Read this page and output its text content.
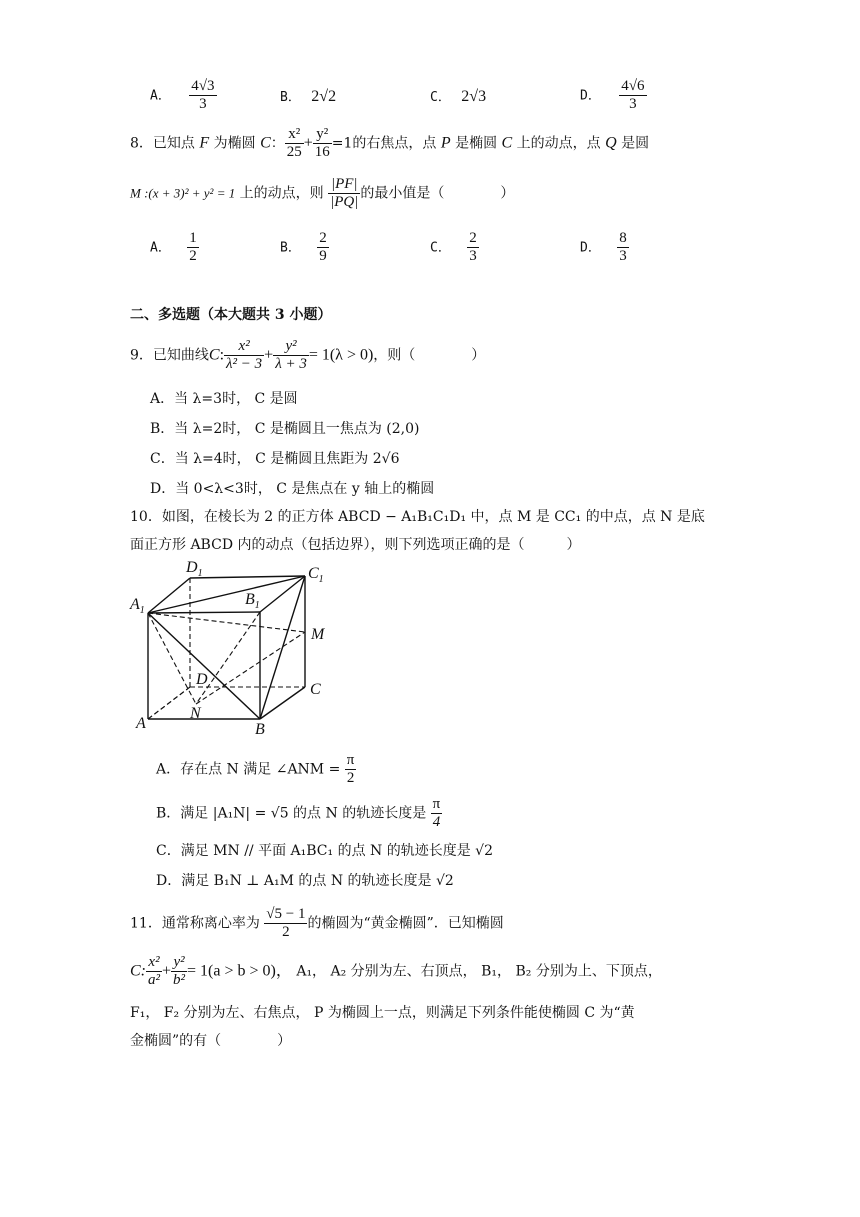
A． $\frac{4√3}{3}$	B． 2√2	C． 2√3	D． $\frac{4√6}{3}$
8．已知点 F 为椭圆 C： $\frac{\text{x²}}{25} + \frac{\text{y²}}{16} =1$的右焦点，点 P 是椭圆 C 上的动点，点 Q 是圆
M :(x + 3)² + y² = 1 上的动点，则 $\frac{|PF|}{|PQ|}$ 的最小值是（　　　　）
A． $\frac{1}{2}$	B． $\frac{2}{9}$	C． $\frac{2}{3}$	D． $\frac{8}{3}$
二、多选题（本大题共 3 小题）
9．已知曲线C: $\frac{\text{x²}}{\text{λ² − 3}} + \frac{\text{y²}}{\lambda + 3} = 1(\lambda > 0)$，则（　　　　）
A．当 λ=3时， C 是圆
B．当 λ=2时， C 是椭圆且一焦点为 (2,0)
C．当 λ=4时， C 是椭圆且焦距为 2√6
D．当 0<λ<3时， C 是焦点在 y 轴上的椭圆
10．如图，在棱长为 2 的正方体 ABCD − A₁B₁C₁D₁ 中，点 M 是 CC₁ 的中点，点 N 是底
面正方形 ABCD 内的动点（包括边界），则下列选项正确的是（　　　）
$A_1$
$D_1$
$B_1$
$C_1$
M
C
D
N
A	B
A．存在点 N 满足 ∠ANM = $\frac{\pi}{2}$
B．满足 |A₁N| = √5 的点 N 的轨迹长度是 $\frac{\pi}{4}$
C．满足 MN // 平面 A₁BC₁ 的点 N 的轨迹长度是 √2
D．满足 B₁N ⊥ A₁M 的点 N 的轨迹长度是 √2
11．通常称离心率为 $\frac{√5 - 1}{2}$ 的椭圆为“黄金椭圆”．已知椭圆
C: $\frac{\text{x²}}{\text{a²}} + \frac{\text{y²}}{\text{b²}} = 1(a > b > 0)$， A₁， A₂ 分别为左、右顶点， B₁， B₂ 分别为上、下顶点，
F₁， F₂ 分别为左、右焦点， P 为椭圆上一点，则满足下列条件能使椭圆 C 为“黄
金椭圆”的有（　　　　）
